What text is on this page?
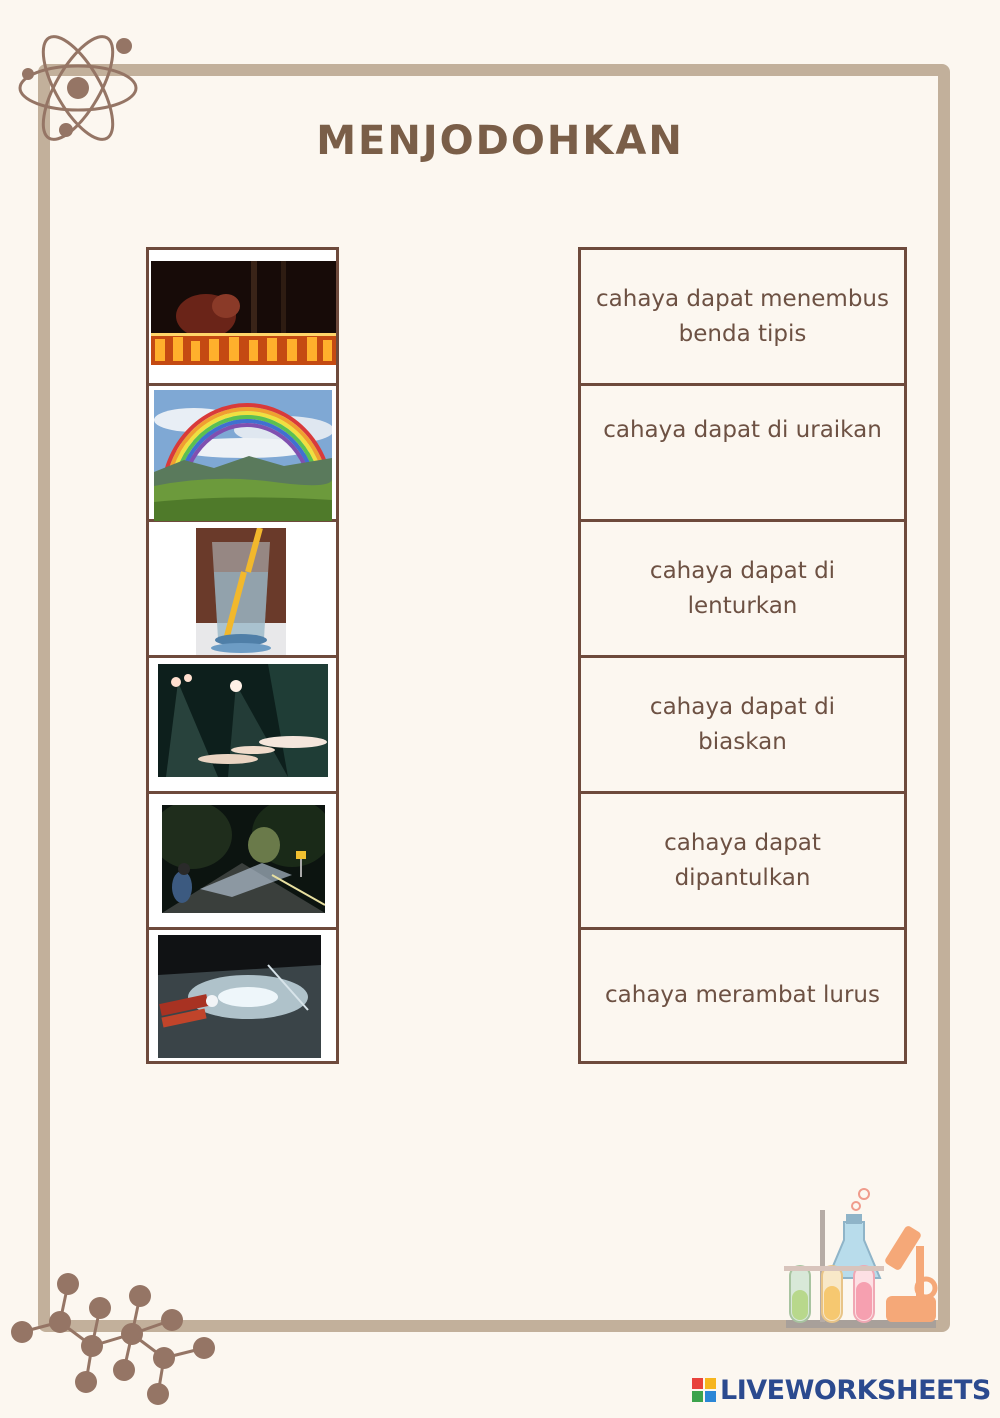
MENJODOHKAN
cahaya dapat menembus benda tipis
cahaya dapat di uraikan
cahaya dapat di lenturkan
cahaya dapat di biaskan
cahaya dapat dipantulkan
cahaya merambat lurus
LIVEWORKSHEETS
